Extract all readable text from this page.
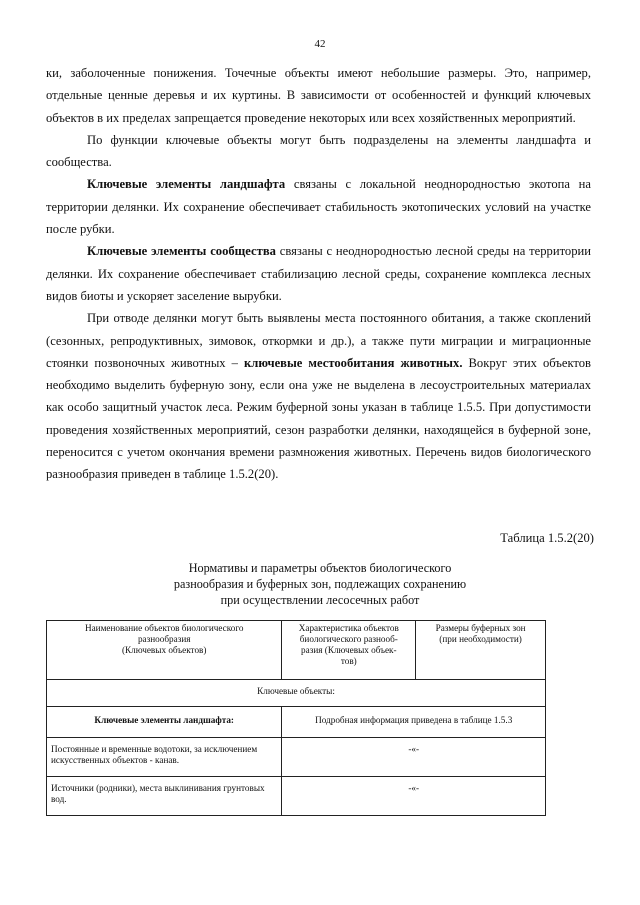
42

ки, заболоченные понижения. Точечные объекты имеют небольшие размеры. Это, например, отдельные ценные деревья и их куртины. В зависимости от особенностей и функций ключевых объектов в их пределах запрещается проведение некоторых или всех хозяйственных мероприятий.

По функции ключевые объекты могут быть подразделены на элементы ландшафта и сообщества.

Ключевые элементы ландшафта связаны с локальной неоднородностью экотопа на территории делянки. Их сохранение обеспечивает стабильность экотопических условий на участке после рубки.

Ключевые элементы сообщества связаны с неоднородностью лесной среды на территории делянки. Их сохранение обеспечивает стабилизацию лесной среды, сохранение комплекса лесных видов биоты и ускоряет заселение вырубки.

При отводе делянки могут быть выявлены места постоянного обитания, а также скоплений (сезонных, репродуктивных, зимовок, откормки и др.), а также пути миграции и миграционные стоянки позвоночных животных – ключевые местообитания животных. Вокруг этих объектов необходимо выделить буферную зону, если она уже не выделена в лесоустроительных материалах как особо защитный участок леса. Режим буферной зоны указан в таблице 1.5.5. При допустимости проведения хозяйственных мероприятий, сезон разработки делянки, находящейся в буферной зоне, переносится с учетом окончания времени размножения животных. Перечень видов биологического разнообразия приведен в таблице 1.5.2(20).

Таблица 1.5.2(20)
Нормативы и параметры объектов биологического
разнообразия и буферных зон, подлежащих сохранению
при осуществлении лесосечных работ
Наименование объектов биологического
разнообразия
(Ключевых объектов)	Характеристика объектов
биологического разнооб-
разия (Ключевых объек-
тов)	Размеры буферных зон
(при необходимости)

Ключевые объекты:		
Ключевые элементы ландшафта:	Подробная информация приведена в таблице 1.5.3	
Постоянные и временные водотоки, за исключением искусственных объектов - канав.	-«-	
Источники (родники), места выклинивания грунтовых вод.	-«-	
